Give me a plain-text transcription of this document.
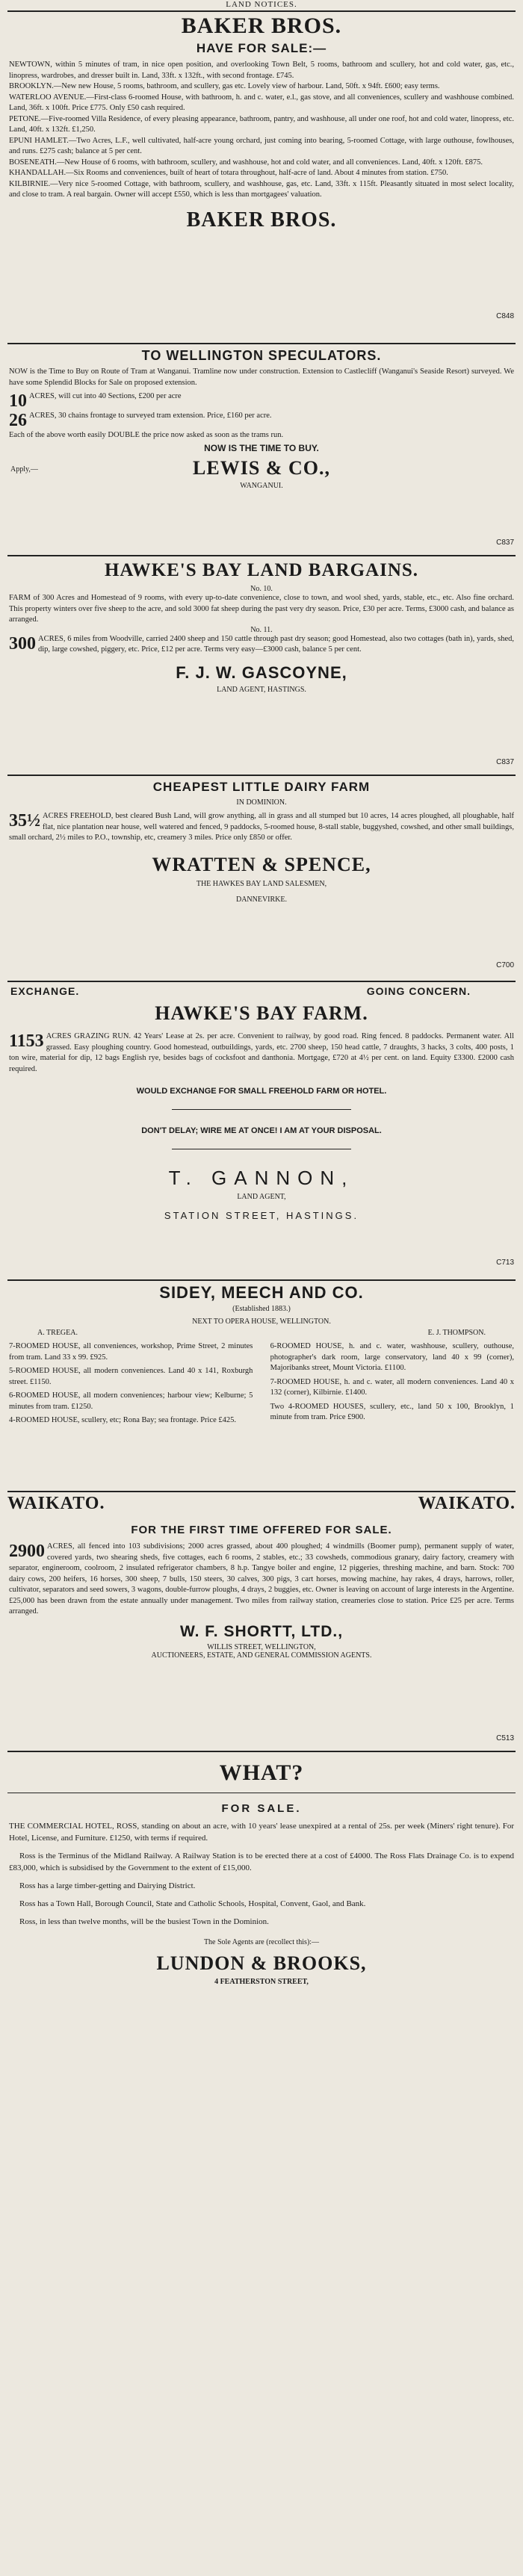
LAND NOTICES.
BAKER BROS.
HAVE FOR SALE:—

NEWTOWN, within 5 minutes of tram, in nice open position, and overlooking Town Belt, 5 rooms, bathroom and scullery, hot and cold water, gas, etc., linopress, wardrobes, and dresser built in. Land, 33ft. x 132ft., with second frontage. £745.

BROOKLYN.—New new House, 5 rooms, bathroom, and scullery, gas etc. Lovely view of harbour. Land, 50ft. x 94ft. £600; easy terms.

WATERLOO AVENUE.—First-class 6-roomed House, with bathroom, h. and c. water, e.l., gas stove, and all conveniences, scullery and washhouse combined. Land, 36ft. x 100ft. Price £775. Only £50 cash required.

PETONE.—Five-roomed Villa Residence, of every pleasing appearance, bathroom, pantry, and washhouse, all under one roof, hot and cold water, linopress, etc. Land, 40ft. x 132ft. £1,250.

EPUNI HAMLET.—Two Acres, L.F., well cultivated, half-acre young orchard, just coming into bearing, 5-roomed Cottage, with large outhouse, fowlhouses, and runs. £275 cash; balance at 5 per cent.

BOSENEATH.—New House of 6 rooms, with bathroom, scullery, and washhouse, hot and cold water, and all conveniences. Land, 40ft. x 120ft. £875.

KHANDALLAH.—Six Rooms and conveniences, built of heart of totara throughout, half-acre of land. About 4 minutes from station. £750.

KILBIRNIE.—Very nice 5-roomed Cottage, with bathroom, scullery, and washhouse, gas, etc. Land, 33ft. x 115ft. Pleasantly situated in most select locality, and close to tram. A real bargain. Owner will accept £550, which is less than mortgagees' valuation.

BAKER BROS.
C848
TO WELLINGTON SPECULATORS.
NOW is the Time to Buy on Route of Tram at Wanganui. Tramline now under construction. Extension to Castlecliff (Wanganui's Seaside Resort) surveyed. We have some Splendid Blocks for Sale on proposed extension.
10 ACRES, will cut into 40 Sections, £200 per acre
26 ACRES, 30 chains frontage to surveyed tram extension. Price, £160 per acre.
Each of the above worth easily DOUBLE the price now asked as soon as the trams run.
NOW IS THE TIME TO BUY.
Apply,—	LEWIS & CO.,
WANGANUI.
C837
HAWKE'S BAY LAND BARGAINS.
No. 10.
FARM of 300 Acres and Homestead of 9 rooms, with every up-to-date convenience, close to town, and wool shed, yards, stable, etc., etc. Also fine orchard. This property winters over five sheep to the acre, and sold 3000 fat sheep during the past very dry season. Price, £30 per acre. Terms, £3000 cash, and balance as arranged.
No. 11.
300 ACRES, 6 miles from Woodville, carried 2400 sheep and 150 cattle through past dry season; good Homestead, also two cottages (bath in), yards, shed, dip, large cowshed, piggery, etc. Price, £12 per acre. Terms very easy—£3000 cash, balance 5 per cent.
F. J. W. GASCOYNE,
LAND AGENT, HASTINGS.
C837
CHEAPEST LITTLE DAIRY FARM
IN DOMINION.
35½ ACRES FREEHOLD, best cleared Bush Land, will grow anything, all in grass and all stumped but 10 acres, 14 acres ploughed, all ploughable, half flat, nice plantation near house, well watered and fenced, 9 paddocks, 5-roomed house, 8-stall stable, buggyshed, cowshed, and other small buildings, small orchard, 2½ miles to P.O., township, etc, creamery 3 miles. Price only £850 or offer.
WRATTEN & SPENCE,
THE HAWKES BAY LAND SALESMEN,
DANNEVIRKE.
C700
EXCHANGE.	GOING CONCERN.
HAWKE'S BAY FARM.
1153 ACRES GRAZING RUN. 42 Years' Lease at 2s. per acre. Convenient to railway, by good road. Ring fenced. 8 paddocks. Permanent water. All grassed. Easy ploughing country. Good homestead, outbuildings, yards, etc. 2700 sheep, 150 head cattle, 7 draughts, 3 hacks, 3 colts, 400 posts, 1 ton wire, material for dip, 12 bags English rye, besides bags of cocksfoot and danthonia. Mortgage, £720 at 4½ per cent. on land. Equity £3300. £2000 cash required.
WOULD EXCHANGE FOR SMALL FREEHOLD FARM OR HOTEL.
DON'T DELAY; WIRE ME AT ONCE! I AM AT YOUR DISPOSAL.
T. GANNON,
LAND AGENT,
STATION STREET, HASTINGS.
C713
SIDEY, MEECH AND CO.
(Established 1883.)
NEXT TO OPERA HOUSE, WELLINGTON.
A. TREGEA.	E. J. THOMPSON.

7-ROOMED HOUSE, all conveniences, workshop, Prime Street, 2 minutes from tram. Land 33 x 99. £925.

5-ROOMED HOUSE, all modern conveniences. Land 40 x 141, Roxburgh street. £1150.

6-ROOMED HOUSE, all modern conveniences; harbour view; Kelburne; 5 minutes from tram. £1250.

4-ROOMED HOUSE, scullery, etc; Rona Bay; sea frontage. Price £425.

6-ROOMED HOUSE, h. and c. water, washhouse, scullery, outhouse, photographer's dark room, large conservatory, land 40 x 99 (corner), Majoribanks street, Mount Victoria. £1100.

7-ROOMED HOUSE, h. and c. water, all modern conveniences. Land 40 x 132 (corner), Kilbirnie. £1400.

Two 4-ROOMED HOUSES, scullery, etc., land 50 x 100, Brooklyn, 1 minute from tram. Price £900.

WAIKATO.	WAIKATO.
FOR THE FIRST TIME OFFERED FOR SALE.
2900 ACRES, all fenced into 103 subdivisions; 2000 acres grassed, about 400 ploughed; 4 windmills (Boomer pump), permanent supply of water, covered yards, two shearing sheds, five cottages, each 6 rooms, 2 stables, etc.; 33 cowsheds, commodious granary, dairy factory, creamery with separator, engineroom, coolroom, 2 insulated refrigerator chambers, 8 h.p. Tangye boiler and engine, 12 piggeries, threshing machine, and barn. Stock: 700 dairy cows, 200 heifers, 16 horses, 300 sheep, 7 bulls, 150 steers, 30 calves, 300 pigs, 3 cart horses, mowing machine, hay rakes, 4 drays, harrows, roller, cultivator, separators and seed sowers, 3 wagons, double-furrow ploughs, 4 drays, 2 buggies, etc. Owner is leaving on account of large interests in the Argentine. £25,000 has been drawn from the estate annually under management. Two miles from railway station, creameries close to station. Price £25 per acre. Terms arranged.
W. F. SHORTT, LTD.,
WILLIS STREET, WELLINGTON,
AUCTIONEERS, ESTATE, AND GENERAL COMMISSION AGENTS.
C513
WHAT?
FOR SALE.

THE COMMERCIAL HOTEL, ROSS, standing on about an acre, with 10 years' lease unexpired at a rental of 25s. per week (Miners' right tenure). For Hotel, License, and Furniture. £1250, with terms if required.

Ross is the Terminus of the Midland Railway. A Railway Station is to be erected there at a cost of £4000. The Ross Flats Drainage Co. is to expend £83,000, which is subsidised by the Government to the extent of £15,000.

Ross has a large timber-getting and Dairying District.

Ross has a Town Hall, Borough Council, State and Catholic Schools, Hospital, Convent, Gaol, and Bank.

Ross, in less than twelve months, will be the busiest Town in the Dominion.

The Sole Agents are (recollect this):—
LUNDON & BROOKS,
4 FEATHERSTON STREET,
